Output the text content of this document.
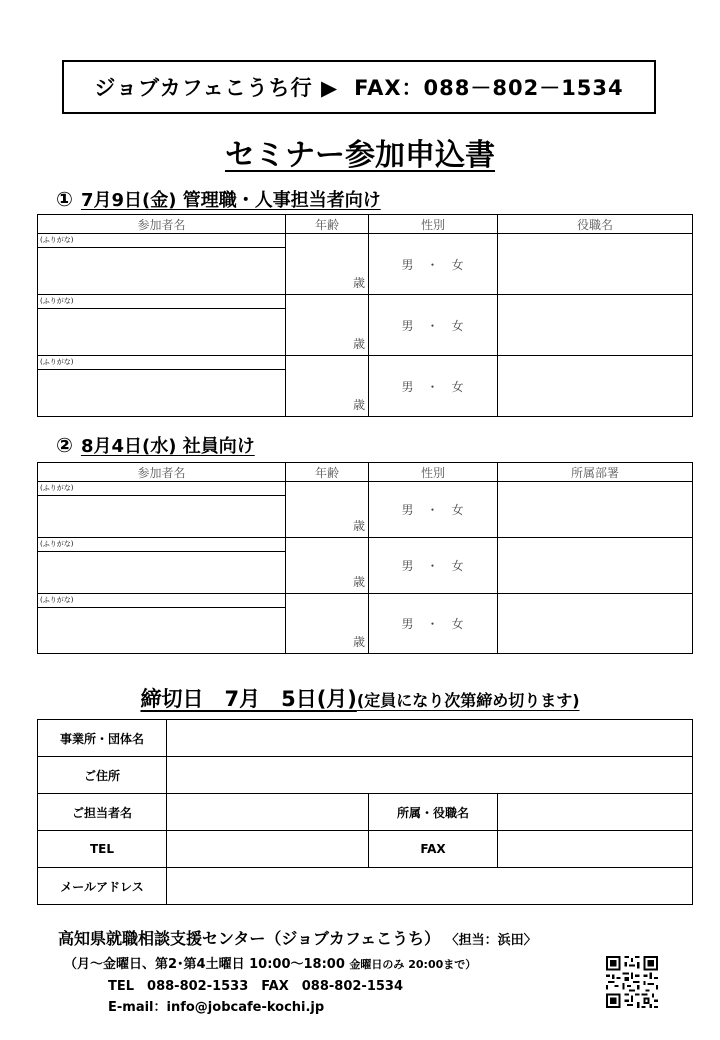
ジョブカフェこうち行 ▶ FAX：088－802－1534
セミナー参加申込書
① 7月9日(金) 管理職・人事担当者向け
参加者名	年齢	性別	役職名

(ふりがな)	歳	男 ・ 女	

(ふりがな)	歳	男 ・ 女	

(ふりがな)	歳	男 ・ 女	
② 8月4日(水) 社員向け
参加者名	年齢	性別	所属部署

(ふりがな)	歳	男 ・ 女	

(ふりがな)	歳	男 ・ 女	

(ふりがな)	歳	男 ・ 女	
締切日　7月　5日(月)(定員になり次第締め切ります)
事業所・団体名			
ご住所			
ご担当者名		所属・役職名	
TEL		FAX	
メールアドレス			
高知県就職相談支援センター（ジョブカフェこうち） 〈担当：浜田〉
（月～金曜日、第2･第4土曜日 10:00～18:00 金曜日のみ 20:00まで）
TEL　088-802-1533　FAX　088-802-1534
E-mail：info@jobcafe-kochi.jp
